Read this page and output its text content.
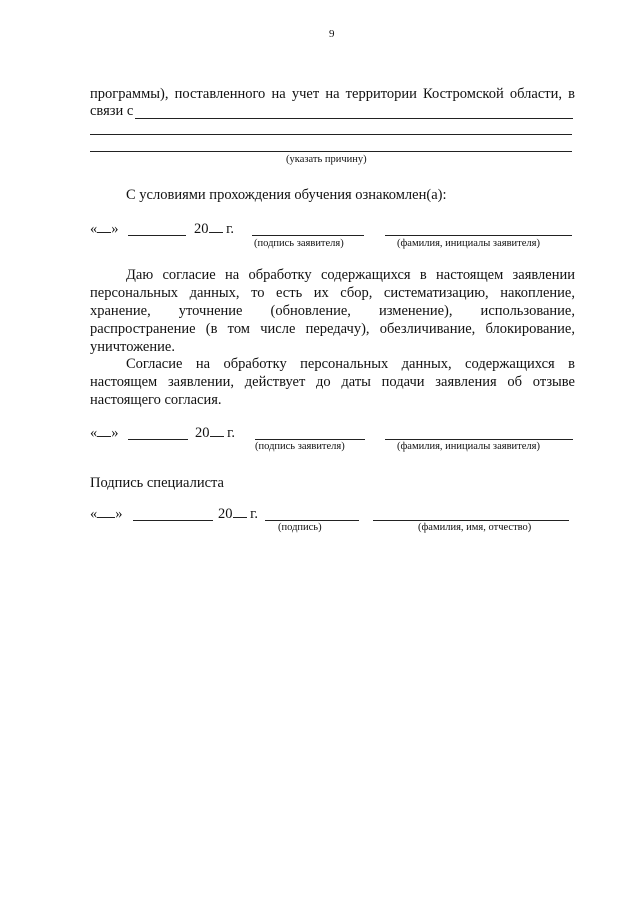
9
программы), поставленного на учет на территории Костромской области, в
связи с
(указать причину)
С условиями прохождения обучения ознакомлен(а):
« »	20 г.
(подпись заявителя)	(фамилия, инициалы заявителя)
Даю согласие на обработку содержащихся в настоящем заявлении
персональных данных, то есть их сбор, систематизацию, накопление,
хранение, уточнение (обновление, изменение), использование,
распространение (в том числе передачу), обезличивание, блокирование,
уничтожение.
Согласие на обработку персональных данных, содержащихся в
настоящем заявлении, действует до даты подачи заявления об отзыве
настоящего согласия.
« »	20 г.
(подпись заявителя)	(фамилия, инициалы заявителя)
Подпись специалиста
« »	20 г.
(подпись)	(фамилия, имя, отчество)
